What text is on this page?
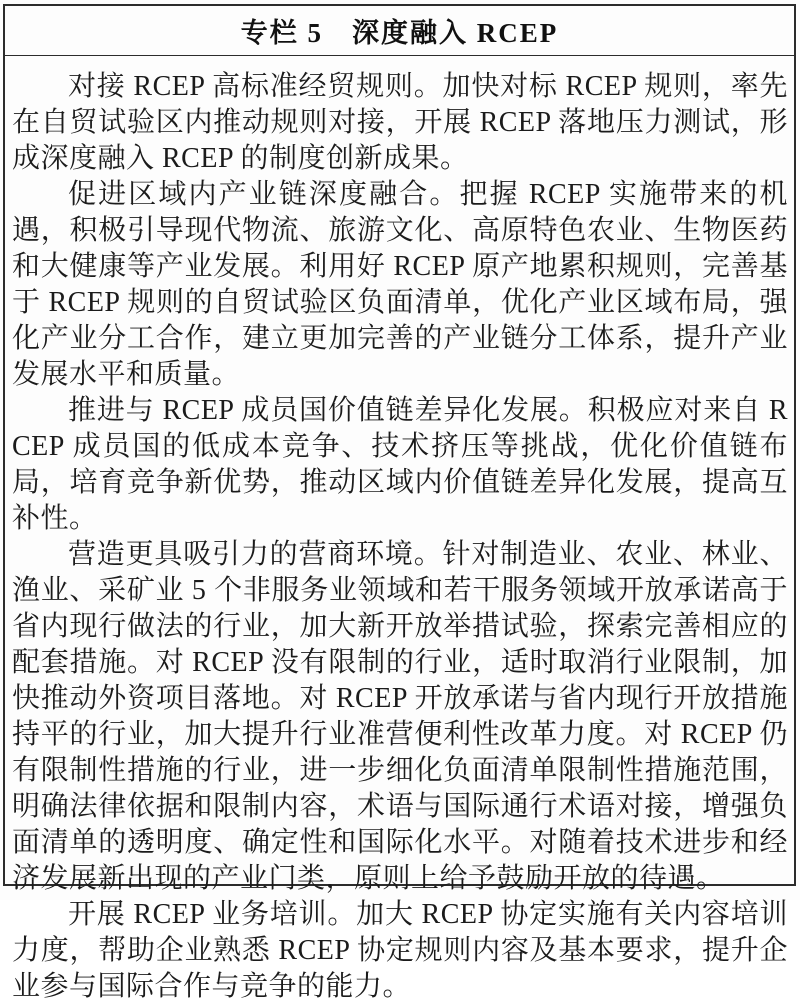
专栏 5　深度融入 RCEP

对接 RCEP 高标准经贸规则。加快对标 RCEP 规则，率先在自贸试验区内推动规则对接，开展 RCEP 落地压力测试，形成深度融入 RCEP 的制度创新成果。

促进区域内产业链深度融合。把握 RCEP 实施带来的机遇，积极引导现代物流、旅游文化、高原特色农业、生物医药和大健康等产业发展。利用好 RCEP 原产地累积规则，完善基于 RCEP 规则的自贸试验区负面清单，优化产业区域布局，强化产业分工合作，建立更加完善的产业链分工体系，提升产业发展水平和质量。

推进与 RCEP 成员国价值链差异化发展。积极应对来自 RCEP 成员国的低成本竞争、技术挤压等挑战，优化价值链布局，培育竞争新优势，推动区域内价值链差异化发展，提高互补性。

营造更具吸引力的营商环境。针对制造业、农业、林业、渔业、采矿业 5 个非服务业领域和若干服务领域开放承诺高于省内现行做法的行业，加大新开放举措试验，探索完善相应的配套措施。对 RCEP 没有限制的行业，适时取消行业限制，加快推动外资项目落地。对 RCEP 开放承诺与省内现行开放措施持平的行业，加大提升行业准营便利性改革力度。对 RCEP 仍有限制性措施的行业，进一步细化负面清单限制性措施范围，明确法律依据和限制内容，术语与国际通行术语对接，增强负面清单的透明度、确定性和国际化水平。对随着技术进步和经济发展新出现的产业门类，原则上给予鼓励开放的待遇。

开展 RCEP 业务培训。加大 RCEP 协定实施有关内容培训力度，帮助企业熟悉 RCEP 协定规则内容及基本要求，提升企业参与国际合作与竞争的能力。
